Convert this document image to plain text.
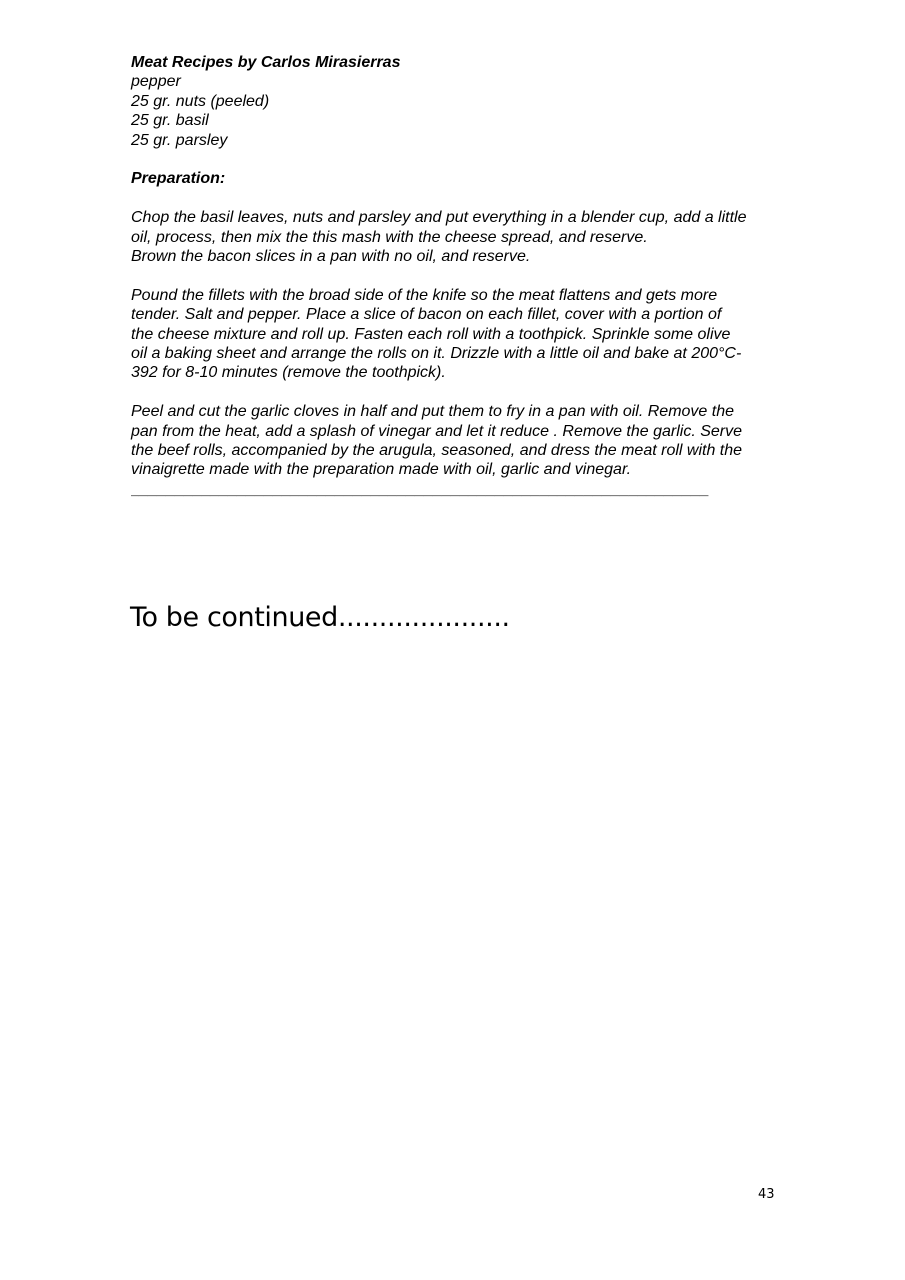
Meat Recipes by Carlos Mirasierras

pepper

25 gr. nuts (peeled)

25 gr. basil

25 gr. parsley

Preparation:

Chop the basil leaves, nuts and parsley and put everything in a blender cup, add a little
oil, process, then mix the this mash with the cheese spread, and reserve.
Brown the bacon slices in a pan with no oil, and reserve.

Pound the fillets with the broad side of the knife so the meat flattens and gets more
tender. Salt and pepper. Place a slice of bacon on each fillet, cover with a portion of
the cheese mixture and roll up. Fasten each roll with a toothpick. Sprinkle some olive
oil a baking sheet and arrange the rolls on it. Drizzle with a little oil and bake at 200°C-
392 for 8-10 minutes (remove the toothpick).

Peel and cut the garlic cloves in half and put them to fry in a pan with oil. Remove the
pan from the heat, add a splash of vinegar and let it reduce . Remove the garlic. Serve
the beef rolls, accompanied by the arugula, seasoned, and dress the meat roll with the
vinaigrette made with the preparation made with oil, garlic and vinegar.

_________________________________________________________________

To be continued.....................
43
